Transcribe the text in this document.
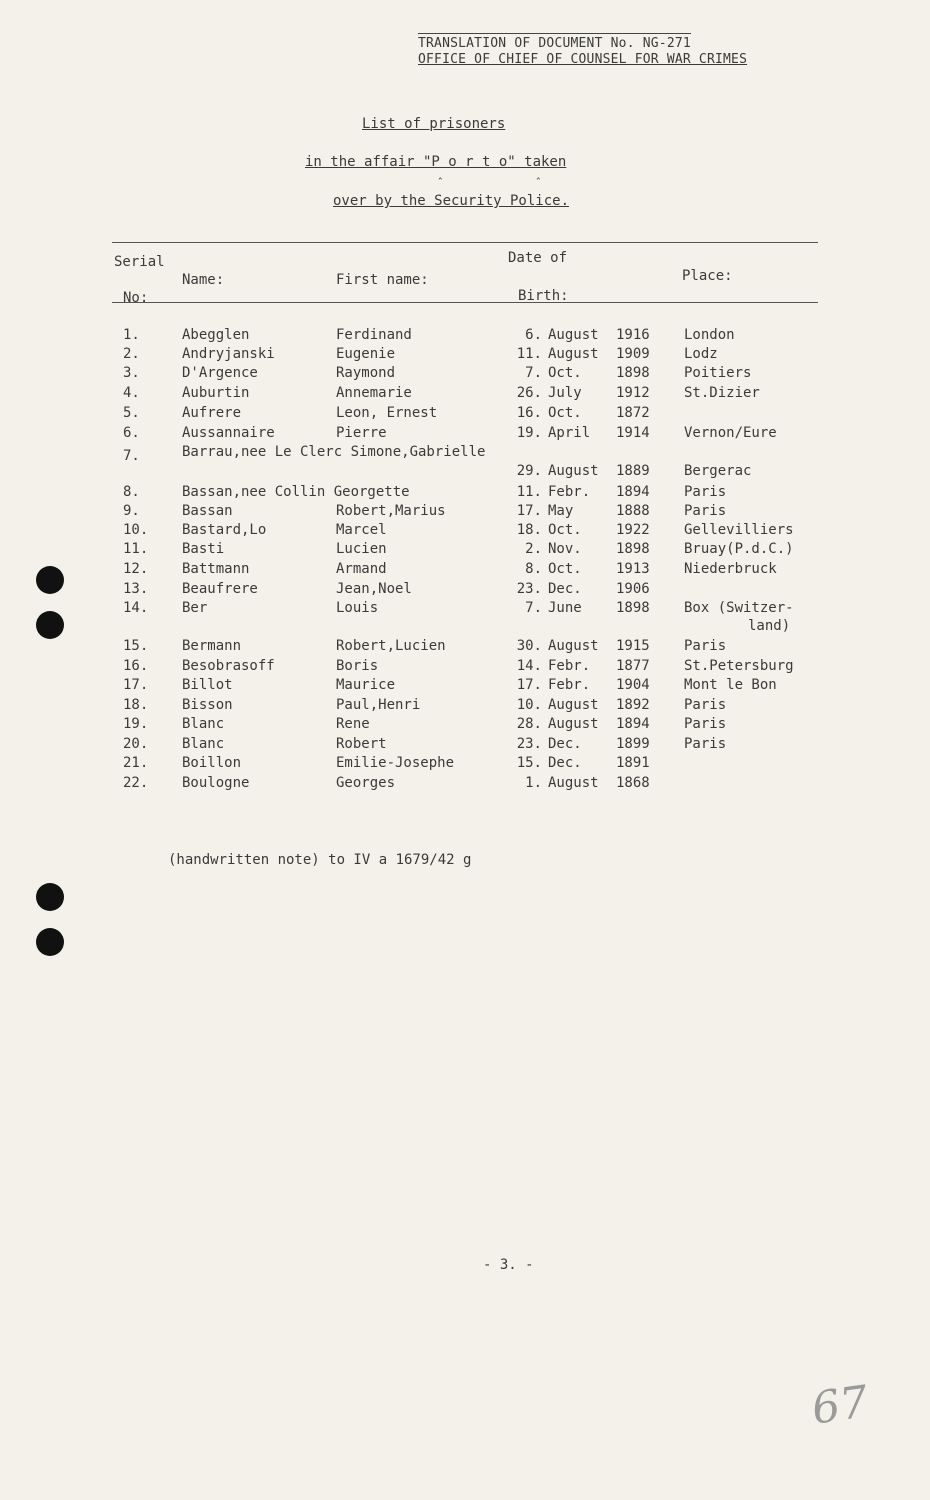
TRANSLATION OF DOCUMENT No. NG-271
OFFICE OF CHIEF OF COUNSEL FOR WAR CRIMES
List of prisoners
in the affair "P o r t o" taken
ˆ	ˆ
over by the Security Police.
Serial
No:
Name:	First name:
Date of
Birth:
Place:
1.	Abegglen	Ferdinand	6. August 1916 London
2.	Andryjanski	Eugenie	11. August 1909 Lodz
3.	D'Argence	Raymond	7. Oct. 1898 Poitiers
4.	Auburtin	Annemarie	26. July 1912 St.Dizier
5.	Aufrere	Leon, Ernest	16. Oct. 1872
6.	Aussannaire	Pierre	19. April 1914 Vernon/Eure
7.	Barrau,nee Le Clerc Simone,Gabrielle
29. August 1889 Bergerac
8.	Bassan,nee Collin Georgette	11. Febr. 1894 Paris
9.	Bassan	Robert,Marius	17. May	1888 Paris
10. Bastard,Lo	Marcel	18. Oct. 1922 Gellevilliers
11. Basti	Lucien	2. Nov. 1898 Bruay(P.d.C.)
12. Battmann	Armand	8. Oct. 1913 Niederbruck
13. Beaufrere	Jean,Noel	23. Dec. 1906
14. Ber	Louis	7. June 1898 Box (Switzer-
land)
15. Bermann	Robert,Lucien	30. August 1915 Paris
16. Besobrasoff	Boris	14. Febr. 1877 St.Petersburg
17. Billot	Maurice	17. Febr. 1904 Mont le Bon
18. Bisson	Paul,Henri	10. August 1892 Paris
19. Blanc	Rene	28. August 1894 Paris
20. Blanc	Robert	23. Dec. 1899 Paris
21. Boillon	Emilie-Josephe	15. Dec. 1891
22. Boulogne	Georges	1. August 1868
(handwritten note) to IV a 1679/42 g
- 3. -
67
